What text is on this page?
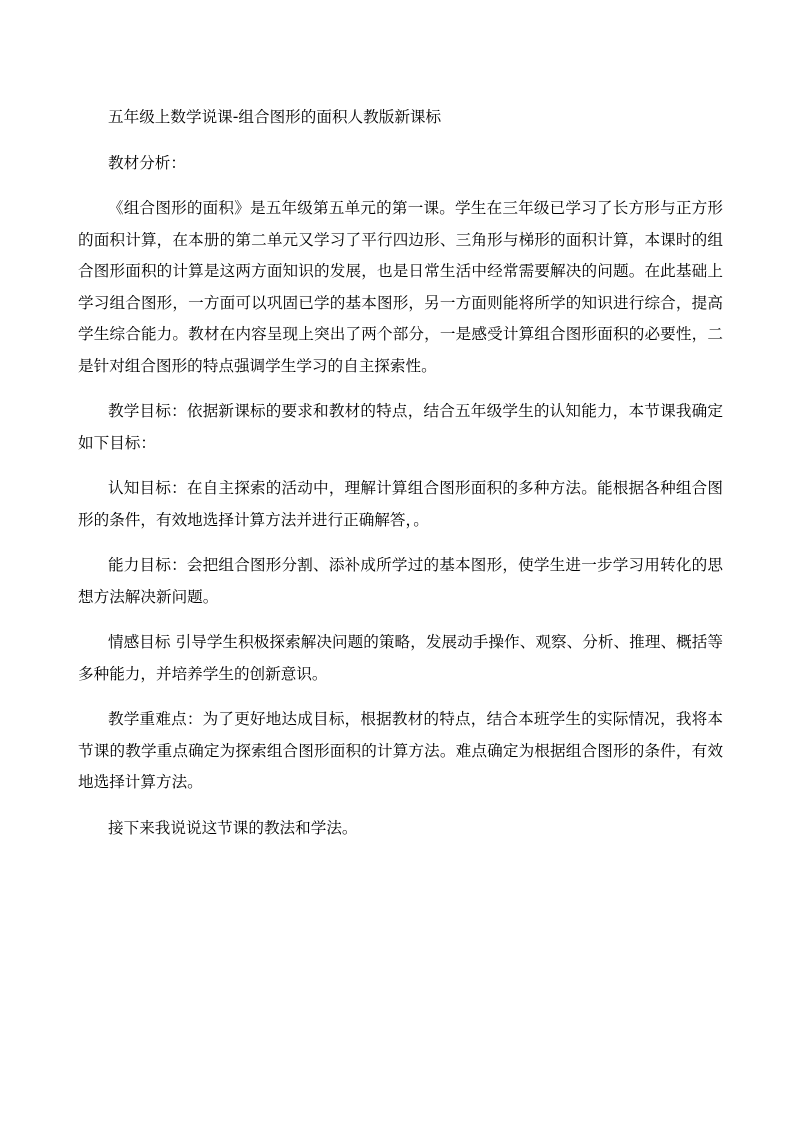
五年级上数学说课-组合图形的面积人教版新课标

教材分析：

《组合图形的面积》是五年级第五单元的第一课。学生在三年级已学习了长方形与正方形的面积计算，在本册的第二单元又学习了平行四边形、三角形与梯形的面积计算，本课时的组合图形面积的计算是这两方面知识的发展，也是日常生活中经常需要解决的问题。在此基础上学习组合图形，一方面可以巩固已学的基本图形，另一方面则能将所学的知识进行综合，提高学生综合能力。教材在内容呈现上突出了两个部分，一是感受计算组合图形面积的必要性，二是针对组合图形的特点强调学生学习的自主探索性。

教学目标：依据新课标的要求和教材的特点，结合五年级学生的认知能力，本节课我确定如下目标：

认知目标：在自主探索的活动中，理解计算组合图形面积的多种方法。能根据各种组合图形的条件，有效地选择计算方法并进行正确解答，。

能力目标：会把组合图形分割、添补成所学过的基本图形，使学生进一步学习用转化的思想方法解决新问题。

情感目标 引导学生积极探索解决问题的策略，发展动手操作、观察、分析、推理、概括等多种能力，并培养学生的创新意识。

教学重难点：为了更好地达成目标，根据教材的特点，结合本班学生的实际情况，我将本节课的教学重点确定为探索组合图形面积的计算方法。难点确定为根据组合图形的条件，有效地选择计算方法。

接下来我说说这节课的教法和学法。
